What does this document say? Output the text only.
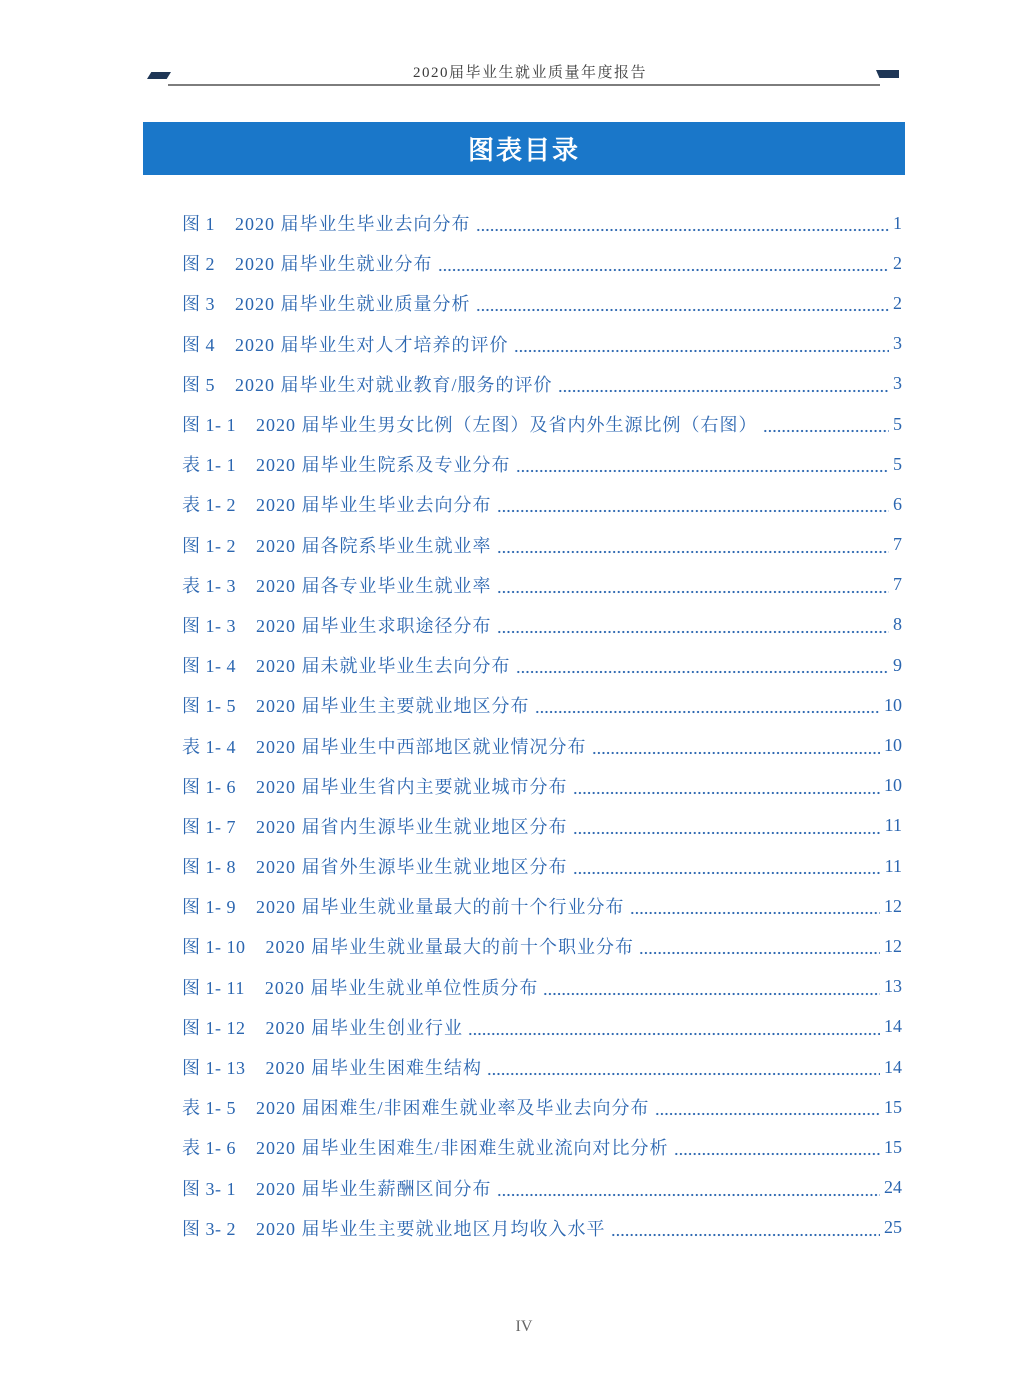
2020届毕业生就业质量年度报告
图表目录
图 1 2020 届毕业生毕业去向分布	1
图 2 2020 届毕业生就业分布	2
图 3 2020 届毕业生就业质量分析	2
图 4 2020 届毕业生对人才培养的评价	3
图 5 2020 届毕业生对就业教育/服务的评价	3
图 1- 1 2020 届毕业生男女比例（左图）及省内外生源比例（右图）	5
表 1- 1 2020 届毕业生院系及专业分布	5
表 1- 2 2020 届毕业生毕业去向分布	6
图 1- 2 2020 届各院系毕业生就业率	7
表 1- 3 2020 届各专业毕业生就业率	7
图 1- 3 2020 届毕业生求职途径分布	8
图 1- 4 2020 届未就业毕业生去向分布	9
图 1- 5 2020 届毕业生主要就业地区分布	10
表 1- 4 2020 届毕业生中西部地区就业情况分布	10
图 1- 6 2020 届毕业生省内主要就业城市分布	10
图 1- 7 2020 届省内生源毕业生就业地区分布	11
图 1- 8 2020 届省外生源毕业生就业地区分布	11
图 1- 9 2020 届毕业生就业量最大的前十个行业分布	12
图 1- 10 2020 届毕业生就业量最大的前十个职业分布	12
图 1- 11 2020 届毕业生就业单位性质分布	13
图 1- 12 2020 届毕业生创业行业	14
图 1- 13 2020 届毕业生困难生结构	14
表 1- 5 2020 届困难生/非困难生就业率及毕业去向分布	15
表 1- 6 2020 届毕业生困难生/非困难生就业流向对比分析	15
图 3- 1 2020 届毕业生薪酬区间分布	24
图 3- 2 2020 届毕业生主要就业地区月均收入水平	25
IV
